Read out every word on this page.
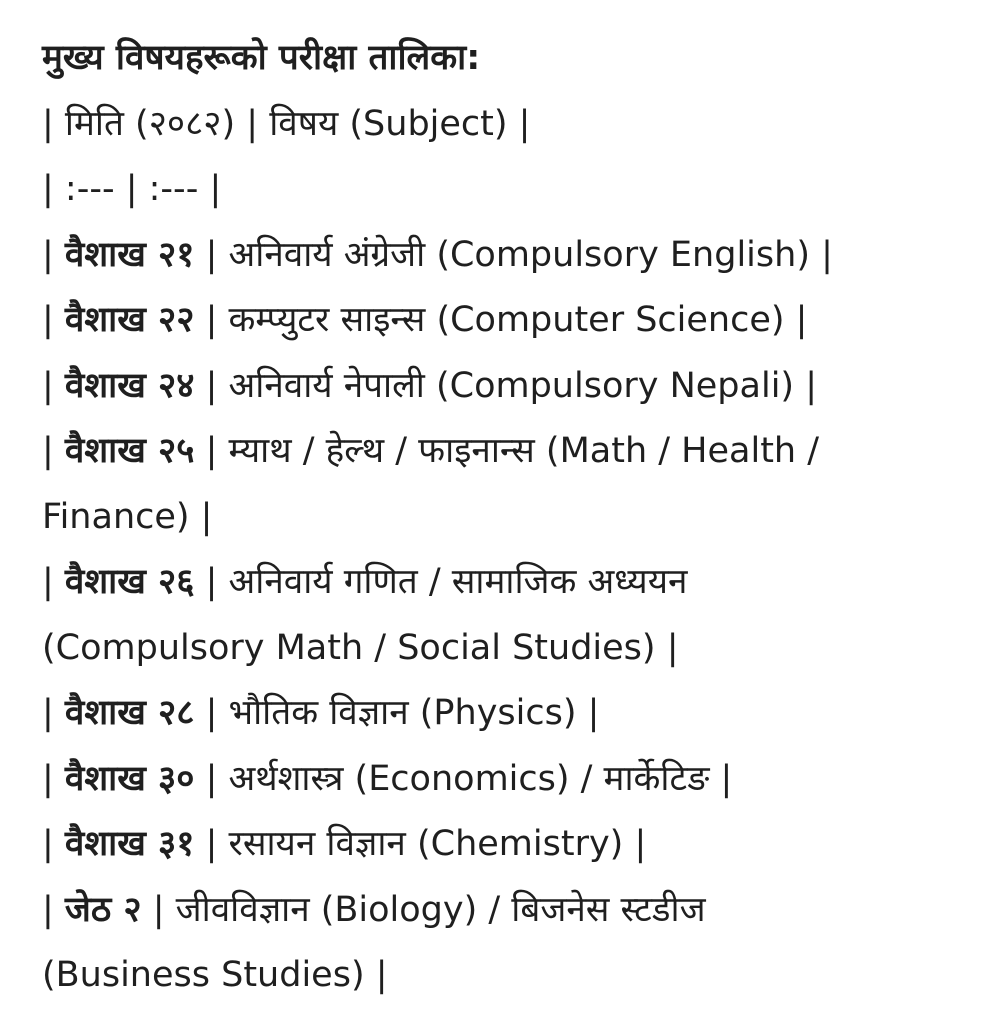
मुख्य विषयहरूको परीक्षा तालिका:
| मिति (२०८२) | विषय (Subject) |
| :--- | :--- |
| वैशाख २१ | अनिवार्य अंग्रेजी (Compulsory English) |
| वैशाख २२ | कम्प्युटर साइन्स (Computer Science) |
| वैशाख २४ | अनिवार्य नेपाली (Compulsory Nepali) |
| वैशाख २५ | म्याथ / हेल्थ / फाइनान्स (Math / Health /
Finance) |
| वैशाख २६ | अनिवार्य गणित / सामाजिक अध्ययन
(Compulsory Math / Social Studies) |
| वैशाख २८ | भौतिक विज्ञान (Physics) |
| वैशाख ३० | अर्थशास्त्र (Economics) / मार्केटिङ |
| वैशाख ३१ | रसायन विज्ञान (Chemistry) |
| जेठ २ | जीवविज्ञान (Biology) / बिजनेस स्टडीज
(Business Studies) |
